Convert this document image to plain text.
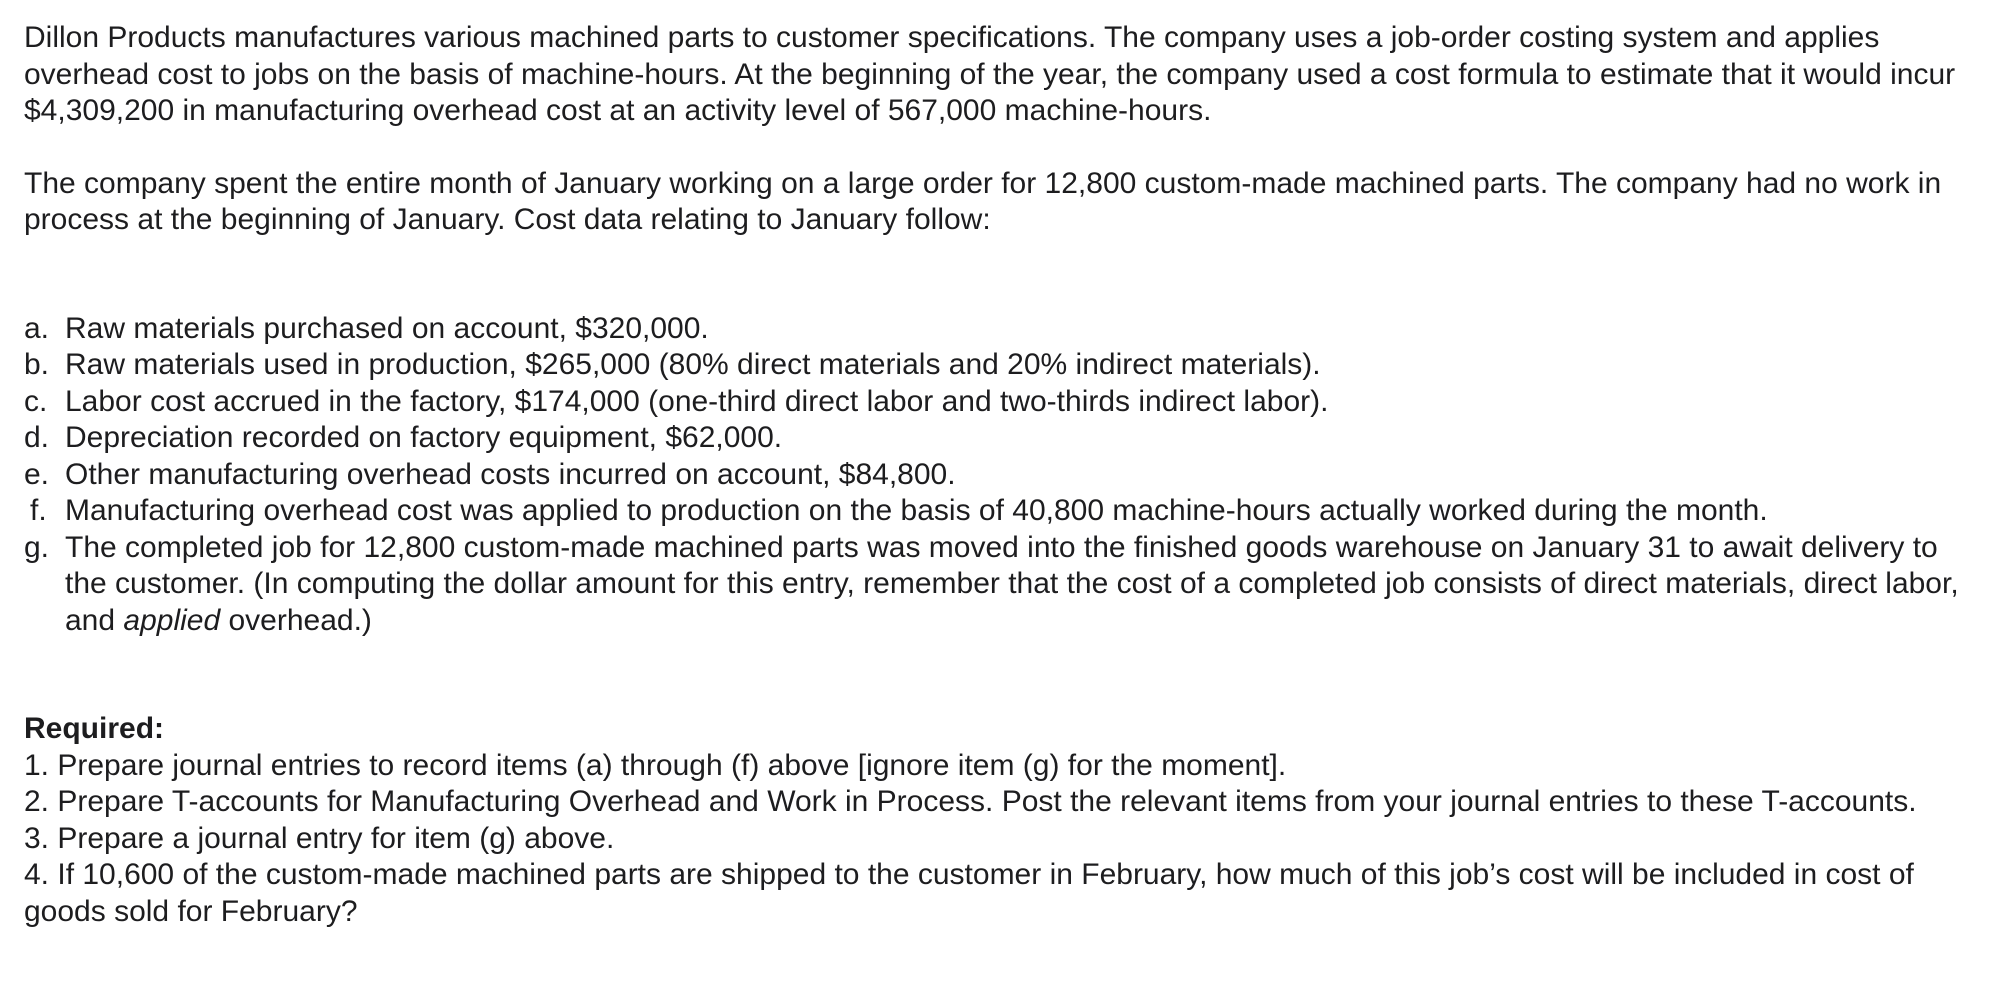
Dillon Products manufactures various machined parts to customer specifications. The company uses a job-order costing system and applies overhead cost to jobs on the basis of machine-hours. At the beginning of the year, the company used a cost formula to estimate that it would incur $4,309,200 in manufacturing overhead cost at an activity level of 567,000 machine-hours.

The company spent the entire month of January working on a large order for 12,800 custom-made machined parts. The company had no work in process at the beginning of January. Cost data relating to January follow:

a. Raw materials purchased on account, $320,000.
b. Raw materials used in production, $265,000 (80% direct materials and 20% indirect materials).
c. Labor cost accrued in the factory, $174,000 (one-third direct labor and two-thirds indirect labor).
d. Depreciation recorded on factory equipment, $62,000.
e. Other manufacturing overhead costs incurred on account, $84,800.
f. Manufacturing overhead cost was applied to production on the basis of 40,800 machine-hours actually worked during the month.
g. The completed job for 12,800 custom-made machined parts was moved into the finished goods warehouse on January 31 to await delivery to the customer. (In computing the dollar amount for this entry, remember that the cost of a completed job consists of direct materials, direct labor, and applied overhead.)

Required:

1. Prepare journal entries to record items (a) through (f) above [ignore item (g) for the moment].

2. Prepare T-accounts for Manufacturing Overhead and Work in Process. Post the relevant items from your journal entries to these T-accounts.

3. Prepare a journal entry for item (g) above.

4. If 10,600 of the custom-made machined parts are shipped to the customer in February, how much of this job’s cost will be included in cost of goods sold for February?
